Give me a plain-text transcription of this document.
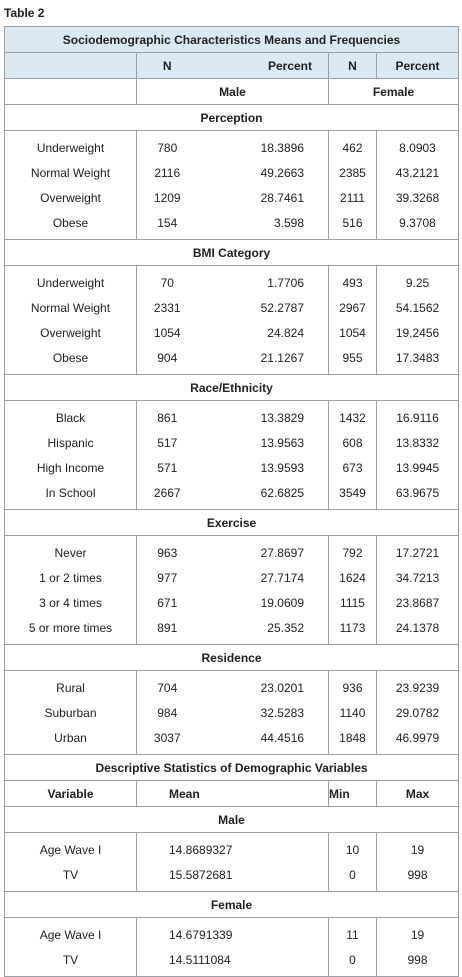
Table 2
Sociodemographic Characteristics Means and Frequencies				
	N	Percent	N	Percent
	Male		Female	
Perception				
Underweight	780	18.3896	462	8.0903
Normal Weight	2116	49.2663	2385	43.2121
Overweight	1209	28.7461	2111	39.3268
Obese	154	3.598	516	9.3708
BMI Category				
Underweight	70	1.7706	493	9.25
Normal Weight	2331	52.2787	2967	54.1562
Overweight	1054	24.824	1054	19.2456
Obese	904	21.1267	955	17.3483
Race/Ethnicity				
Black	861	13.3829	1432	16.9116
Hispanic	517	13.9563	608	13.8332
High Income	571	13.9593	673	13.9945
In School	2667	62.6825	3549	63.9675
Exercise				
Never	963	27.8697	792	17.2721
1 or 2 times	977	27.7174	1624	34.7213
3 or 4 times	671	19.0609	1115	23.8687
5 or more times	891	25.352	1173	24.1378
Residence				
Rural	704	23.0201	936	23.9239
Suburban	984	32.5283	1140	29.0782
Urban	3037	44.4516	1848	46.9979
Descriptive Statistics of Demographic Variables				
Variable	Mean		Min	Max
Male				
Age Wave I	14.8689327		10	19
TV	15.5872681		0	998
Female				
Age Wave I	14.6791339		11	19
TV	14.5111084		0	998
